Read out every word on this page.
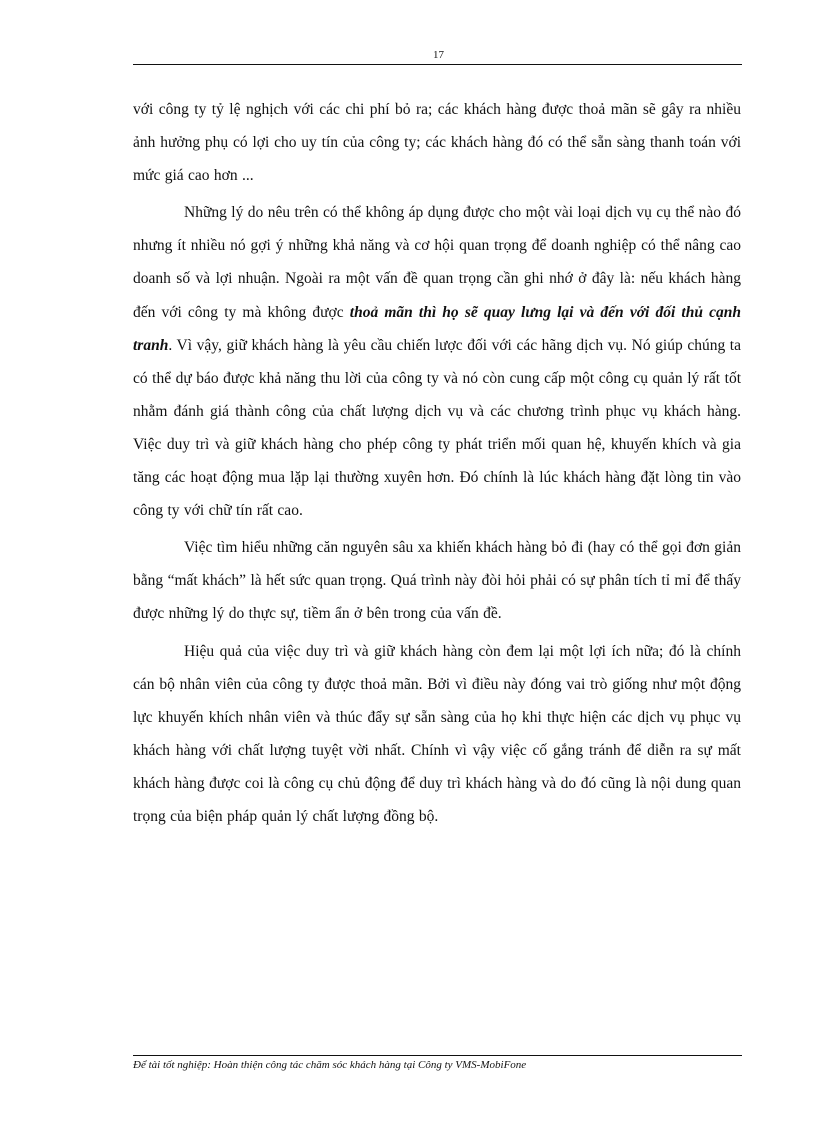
17

với công ty tỷ lệ nghịch với các chi phí bỏ ra; các khách hàng được thoả mãn sẽ gây ra nhiều ảnh hưởng phụ có lợi cho uy tín của công ty; các khách hàng đó có thể sẵn sàng thanh toán với mức giá cao hơn ...

Những lý do nêu trên có thể không áp dụng được cho một vài loại dịch vụ cụ thể nào đó nhưng ít nhiều nó gợi ý những khả năng và cơ hội quan trọng để doanh nghiệp có thể nâng cao doanh số và lợi nhuận. Ngoài ra một vấn đề quan trọng cần ghi nhớ ở đây là: nếu khách hàng đến với công ty mà không được thoả mãn thì họ sẽ quay lưng lại và đến với đối thủ cạnh tranh. Vì vậy, giữ khách hàng là yêu cầu chiến lược đối với các hãng dịch vụ. Nó giúp chúng ta có thể dự báo được khả năng thu lời của công ty và nó còn cung cấp một công cụ quản lý rất tốt nhằm đánh giá thành công của chất lượng dịch vụ và các chương trình phục vụ khách hàng. Việc duy trì và giữ khách hàng cho phép công ty phát triển mối quan hệ, khuyến khích và gia tăng các hoạt động mua lặp lại thường xuyên hơn. Đó chính là lúc khách hàng đặt lòng tin vào công ty với chữ tín rất cao.

Việc tìm hiểu những căn nguyên sâu xa khiến khách hàng bỏ đi (hay có thể gọi đơn giản bằng “mất khách” là hết sức quan trọng. Quá trình này đòi hỏi phải có sự phân tích tỉ mỉ để thấy được những lý do thực sự, tiềm ẩn ở bên trong của vấn đề.

Hiệu quả của việc duy trì và giữ khách hàng còn đem lại một lợi ích nữa; đó là chính cán bộ nhân viên của công ty được thoả mãn. Bởi vì điều này đóng vai trò giống như một động lực khuyến khích nhân viên và thúc đẩy sự sẵn sàng của họ khi thực hiện các dịch vụ phục vụ khách hàng với chất lượng tuyệt vời nhất. Chính vì vậy việc cố gắng tránh để diễn ra sự mất khách hàng được coi là công cụ chủ động để duy trì khách hàng và do đó cũng là nội dung quan trọng của biện pháp quản lý chất lượng đồng bộ.

Để tài tốt nghiệp: Hoàn thiện công tác chăm sóc khách hàng tại Công ty VMS-MobiFone
